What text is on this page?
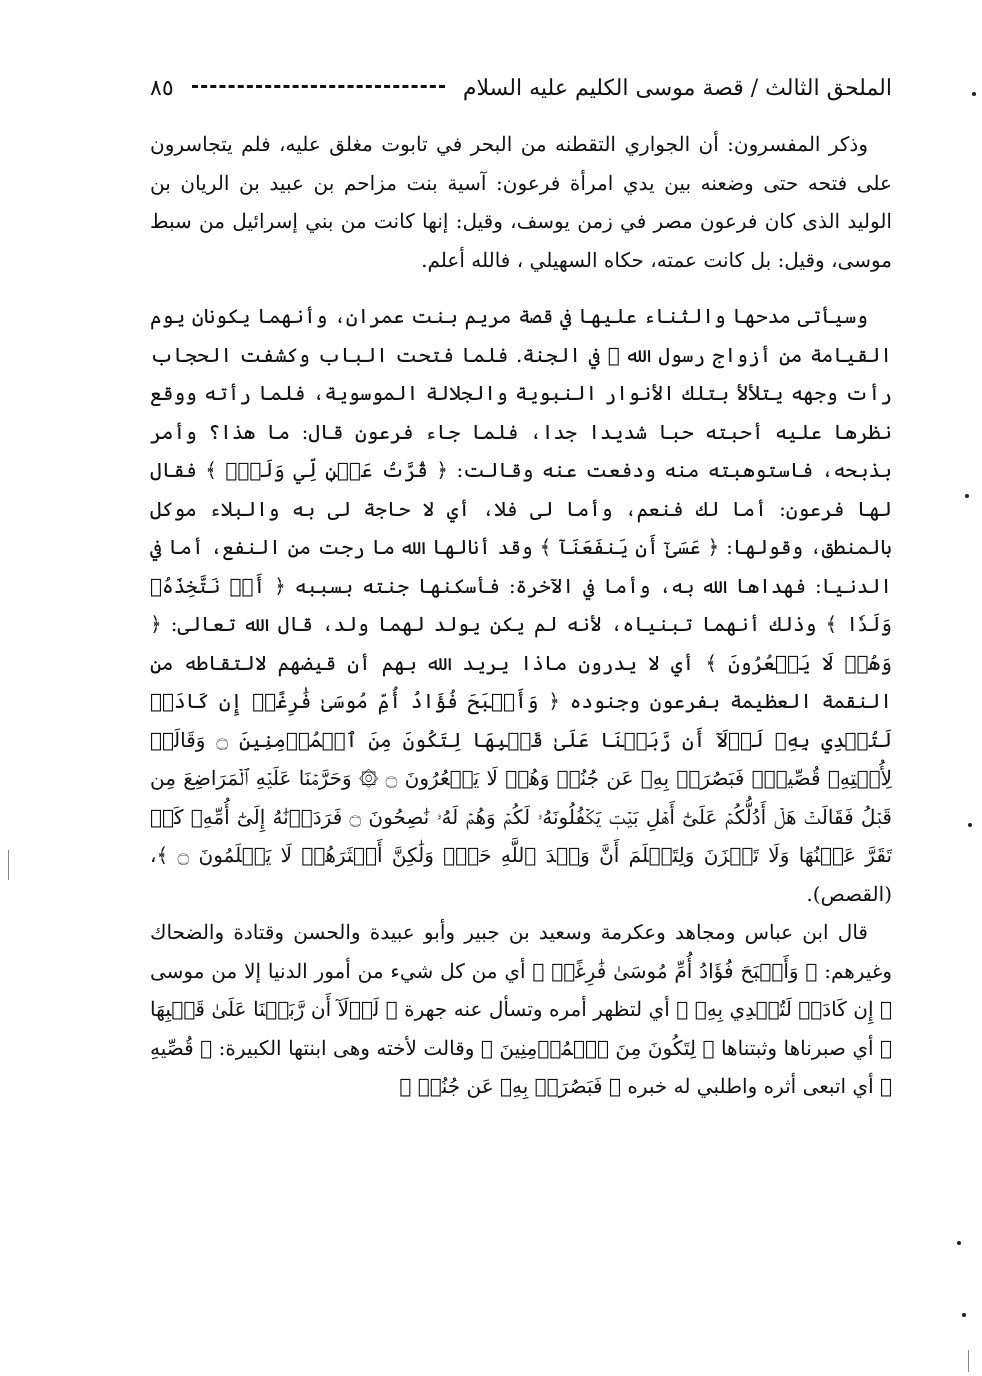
الملحق الثالث / قصة موسى الكليم عليه السلام
٨٥

وذكر المفسرون: أن الجواري التقطنه من البحر في تابوت مغلق عليه، فلم يتجاسرون على فتحه حتى وضعنه بين يدي امرأة فرعون: آسية بنت مزاحم بن عبيد بن الريان بن الوليد الذى كان فرعون مصر في زمن يوسف، وقيل: إنها كانت من بني إسرائيل من سبط موسى، وقيل: بل كانت عمته، حكاه السهيلي ، فالله أعلم.

وسيأتى مدحها والثناء عليها في قصة مريم بنت عمران، وأنهما يكونان يوم القيامة من أزواج رسول الله ﷺ في الجنة. فلما فتحت الباب وكشفت الحجاب رأت وجهه يتلألأ بتلك الأنوار النبوية والجلالة الموسوية، فلما رأته ووقع نظرها عليه أحبته حبا شديدا جدا، فلما جاء فرعون قال: ما هذا؟ وأمر بذبحه، فاستوهبته منه ودفعت عنه وقالت: ﴿ قُرَّتُ عَيۡنٖ لِّي وَلَكَۖ ﴾ فقال لها فرعون: أما لك فنعم، وأما لى فلا، أي لا حاجة لى به والبلاء موكل بالمنطق، وقولها: ﴿ عَسَىٰٓ أَن يَنفَعَنَآ ﴾ وقد أنالها الله ما رجت من النفع، أما في الدنيا: فهداها الله به، وأما في الآخرة: فأسكنها جنته بسببه ﴿ أَوۡ نَتَّخِذَهُۥ وَلَدٗا ﴾ وذلك أنهما تبنياه، لأنه لم يكن يولد لهما ولد، قال الله تعالى: ﴿ وَهُمۡ لَا يَشۡعُرُونَ ﴾ أي لا يدرون ماذا يريد الله بهم أن قيضهم لالتقاطه من النقمة العظيمة بفرعون وجنوده ﴿ وَأَصۡبَحَ فُؤَادُ أُمِّ مُوسَىٰ فَٰرِغًاۖ إِن كَادَتۡ لَتُبۡدِي بِهِۦ لَوۡلَآ أَن رَّبَطۡنَا عَلَىٰ قَلۡبِهَا لِتَكُونَ مِنَ ٱلۡمُؤۡمِنِينَ ۝ وَقَالَتۡ لِأُخۡتِهِۦ قُصِّيهِۖ فَبَصُرَتۡ بِهِۦ عَن جُنُبٖ وَهُمۡ لَا يَشۡعُرُونَ ۝ ۞ وَحَرَّمۡنَا عَلَيۡهِ ٱلۡمَرَاضِعَ مِن قَبۡلُ فَقَالَتۡ هَلۡ أَدُلُّكُمۡ عَلَىٰٓ أَهۡلِ بَيۡتٖ يَكۡفُلُونَهُۥ لَكُمۡ وَهُمۡ لَهُۥ نَٰصِحُونَ ۝ فَرَدَدۡنَٰهُ إِلَىٰٓ أُمِّهِۦ كَيۡ تَقَرَّ عَيۡنُهَا وَلَا تَحۡزَنَ وَلِتَعۡلَمَ أَنَّ وَعۡدَ ٱللَّهِ حَقّٞ وَلَٰكِنَّ أَكۡثَرَهُمۡ لَا يَعۡلَمُونَ ۝ ﴾، (القصص).

قال ابن عباس ومجاهد وعكرمة وسعيد بن جبير وأبو عبيدة والحسن وقتادة والضحاك وغيرهم: ﴿ وَأَصۡبَحَ فُؤَادُ أُمِّ مُوسَىٰ فَٰرِغًاۖ ﴾ أي من كل شيء من أمور الدنيا إلا من موسى ﴿ إِن كَادَتۡ لَتُبۡدِي بِهِۦ ﴾ أي لتظهر أمره وتسأل عنه جهرة ﴿ لَوۡلَآ أَن رَّبَطۡنَا عَلَىٰ قَلۡبِهَا ﴾ أي صبرناها وثبتناها ﴿ لِتَكُونَ مِنَ ٱلۡمُؤۡمِنِينَ ﴾ وقالت لأخته وهى ابنتها الكبيرة: ﴿ قُصِّيهِ ﴾ أي اتبعى أثره واطلبي له خبره ﴿ فَبَصُرَتۡ بِهِۦ عَن جُنُبٖ ﴾
